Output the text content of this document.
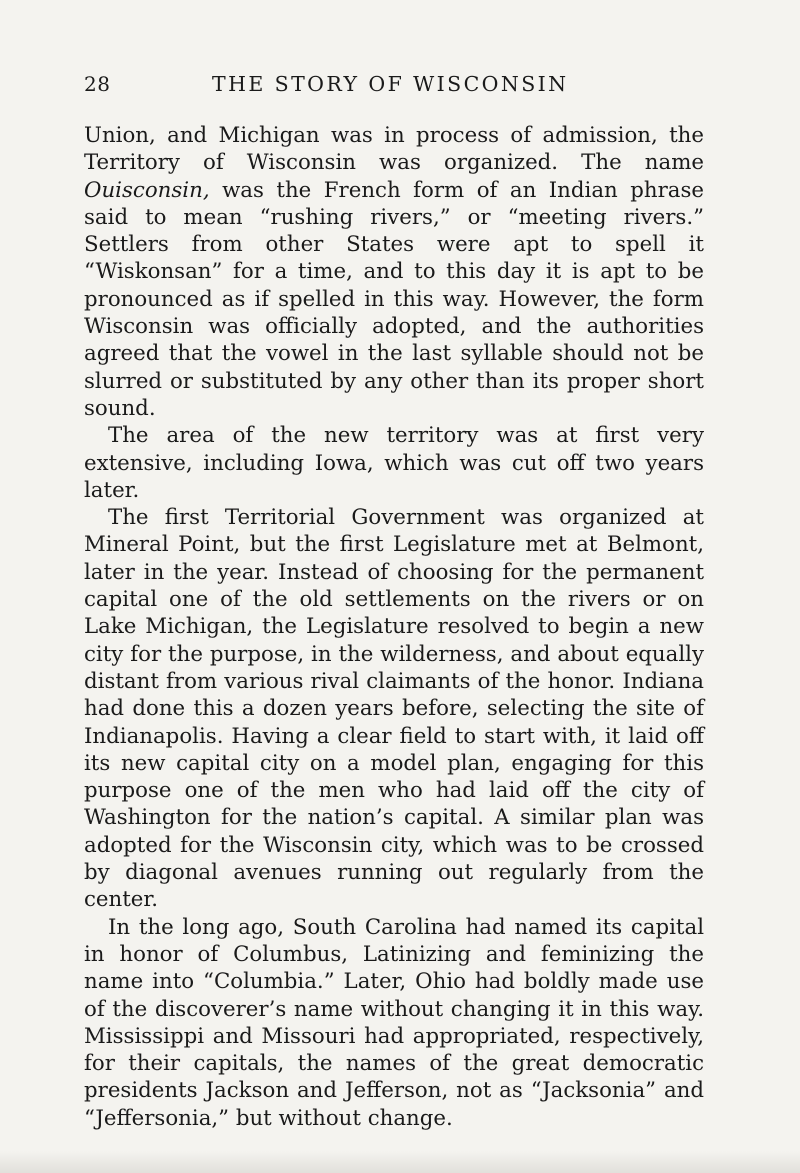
28	THE STORY OF WISCONSIN

Union, and Michigan was in process of admission, the Territory of Wisconsin was organized. The name Ouisconsin, was the French form of an Indian phrase said to mean “rushing rivers,” or “meeting rivers.” Settlers from other States were apt to spell it “Wiskonsan” for a time, and to this day it is apt to be pronounced as if spelled in this way. However, the form Wisconsin was officially adopted, and the authorities agreed that the vowel in the last syllable should not be slurred or substituted by any other than its proper short sound.

The area of the new territory was at first very extensive, including Iowa, which was cut off two years later.

The first Territorial Government was organized at Mineral Point, but the first Legislature met at Belmont, later in the year. Instead of choosing for the permanent capital one of the old settlements on the rivers or on Lake Michigan, the Legislature resolved to begin a new city for the purpose, in the wilderness, and about equally distant from various rival claimants of the honor. Indiana had done this a dozen years before, selecting the site of Indianapolis. Having a clear field to start with, it laid off its new capital city on a model plan, engaging for this purpose one of the men who had laid off the city of Washington for the nation’s capital. A similar plan was adopted for the Wisconsin city, which was to be crossed by diagonal avenues running out regularly from the center.

In the long ago, South Carolina had named its capital in honor of Columbus, Latinizing and feminizing the name into “Columbia.” Later, Ohio had boldly made use of the discoverer’s name without changing it in this way. Mississippi and Missouri had appropriated, respectively, for their capitals, the names of the great democratic presidents Jackson and Jefferson, not as “Jacksonia” and “Jeffersonia,” but without change.
